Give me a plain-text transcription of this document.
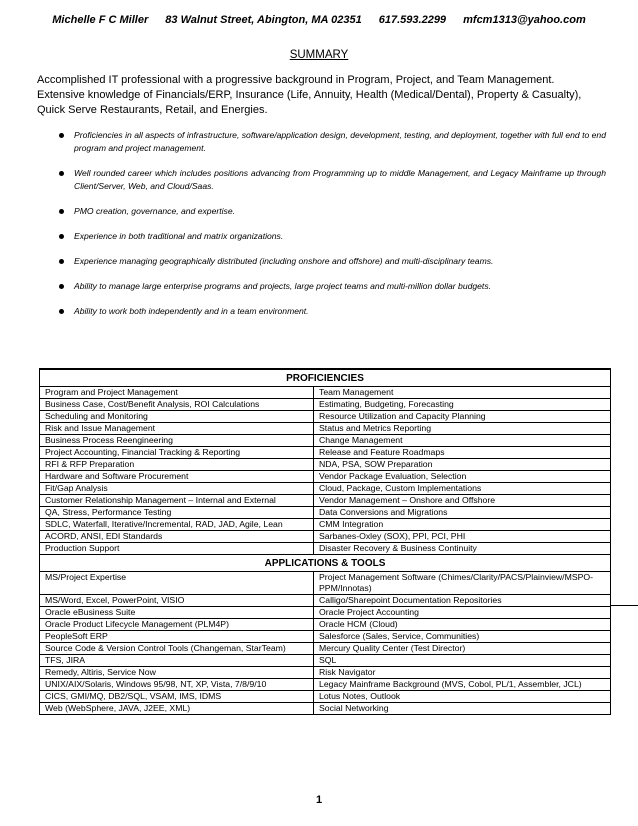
Michelle F C Miller 83 Walnut Street, Abington, MA 02351 617.593.2299 mfcm1313@yahoo.com
SUMMARY
Accomplished IT professional with a progressive background in Program, Project, and Team Management. Extensive knowledge of Financials/ERP, Insurance (Life, Annuity, Health (Medical/Dental), Property & Casualty), Quick Serve Restaurants, Retail, and Energies.
Proficiencies in all aspects of infrastructure, software/application design, development, testing, and deployment, together with full end to end program and project management.
Well rounded career which includes positions advancing from Programming up to middle Management, and Legacy Mainframe up through Client/Server, Web, and Cloud/Saas.
PMO creation, governance, and expertise.
Experience in both traditional and matrix organizations.
Experience managing geographically distributed (including onshore and offshore) and multi-disciplinary teams.
Ability to manage large enterprise programs and projects, large project teams and multi-million dollar budgets.
Ability to work both independently and in a team environment.
PROFICIENCIES	
Program and Project Management	Team Management
Business Case, Cost/Benefit Analysis, ROI Calculations	Estimating, Budgeting, Forecasting
Scheduling and Monitoring	Resource Utilization and Capacity Planning
Risk and Issue Management	Status and Metrics Reporting
Business Process Reengineering	Change Management
Project Accounting, Financial Tracking & Reporting	Release and Feature Roadmaps
RFI & RFP Preparation	NDA, PSA, SOW Preparation
Hardware and Software Procurement	Vendor Package Evaluation, Selection
Fit/Gap Analysis	Cloud, Package, Custom Implementations
Customer Relationship Management – Internal and External	Vendor Management – Onshore and Offshore
QA, Stress, Performance Testing	Data Conversions and Migrations
SDLC, Waterfall, Iterative/Incremental, RAD, JAD, Agile, Lean	CMM Integration
ACORD, ANSI, EDI Standards	Sarbanes-Oxley (SOX), PPI, PCI, PHI
Production Support	Disaster Recovery & Business Continuity
APPLICATIONS & TOOLS	
MS/Project Expertise	Project Management Software (Chimes/Clarity/PACS/Plainview/MSPO-PPM/Innotas)
MS/Word, Excel, PowerPoint, VISIO	Calligo/Sharepoint Documentation Repositories
Oracle eBusiness Suite	Oracle Project Accounting
Oracle Product Lifecycle Management (PLM4P)	Oracle HCM (Cloud)
PeopleSoft ERP	Salesforce (Sales, Service, Communities)
Source Code & Version Control Tools (Changeman, StarTeam)	Mercury Quality Center (Test Director)
TFS, JIRA	SQL
Remedy, Altiris, Service Now	Risk Navigator
UNIX/AIX/Solaris, Windows 95/98, NT, XP, Vista, 7/8/9/10	Legacy Mainframe Background (MVS, Cobol, PL/1, Assembler, JCL)
CICS, GMI/MQ, DB2/SQL, VSAM, IMS, IDMS	Lotus Notes, Outlook
Web (WebSphere, JAVA, J2EE, XML)	Social Networking
1
